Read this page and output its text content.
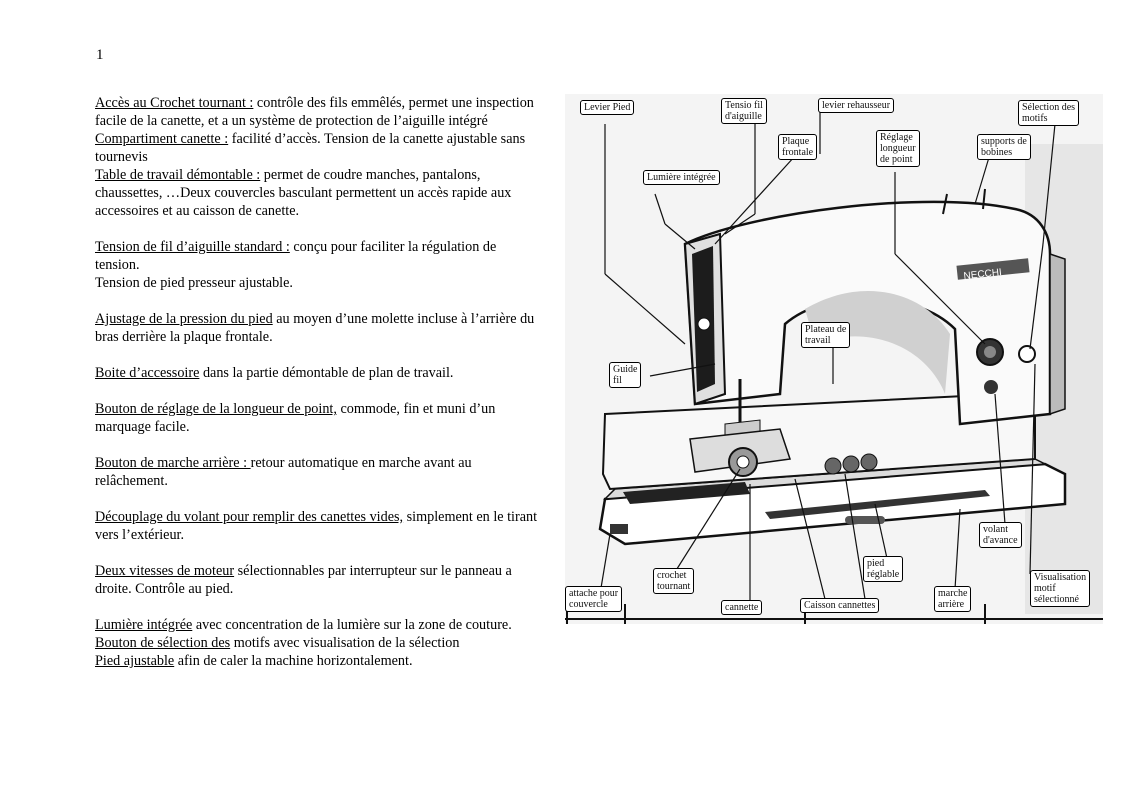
1
Accès au Crochet tournant : contrôle des fils emmêlés, permet une inspection facile de la canette, et a un système de protection de l’aiguille intégré
Compartiment canette : facilité d’accès. Tension de la canette ajustable sans tournevis
Table de travail démontable : permet de coudre manches, pantalons, chaussettes, …Deux couvercles basculant permettent un accès rapide aux accessoires et au caisson de canette.
Tension de fil d’aiguille standard : conçu pour faciliter la régulation de tension.
Tension de pied presseur ajustable.
Ajustage de la pression du pied au moyen d’une molette incluse à l’arrière du bras derrière la plaque frontale.
Boite d’accessoire dans la partie démontable de plan de travail.
Bouton de réglage de la longueur de point, commode, fin et muni d’un marquage facile.
Bouton de marche arrière : retour automatique en marche avant au relâchement.
Découplage du volant pour remplir des canettes vides, simplement en le tirant vers l’extérieur.
Deux vitesses de moteur sélectionnables par interrupteur sur le panneau a droite. Contrôle au pied.
Lumière intégrée avec concentration de la lumière sur la zone de couture.
Bouton de sélection des motifs avec visualisation de la sélection
Pied ajustable afin de caler la machine horizontalement.
NECCHI
Levier Pied	Tensio fil
d'aiguille
levier rehausseur	Sélection des
motifs
Plaque
frontale
Réglage
longueur
de point
supports de
bobines
Lumière intégrée
Plateau de
travail
Guide
fil
volant
d'avance
pied
réglable
crochet
tournant
Visualisation
motif
sélectionné
attache pour
couvercle
marche
arrière
cannette	Caisson cannettes
